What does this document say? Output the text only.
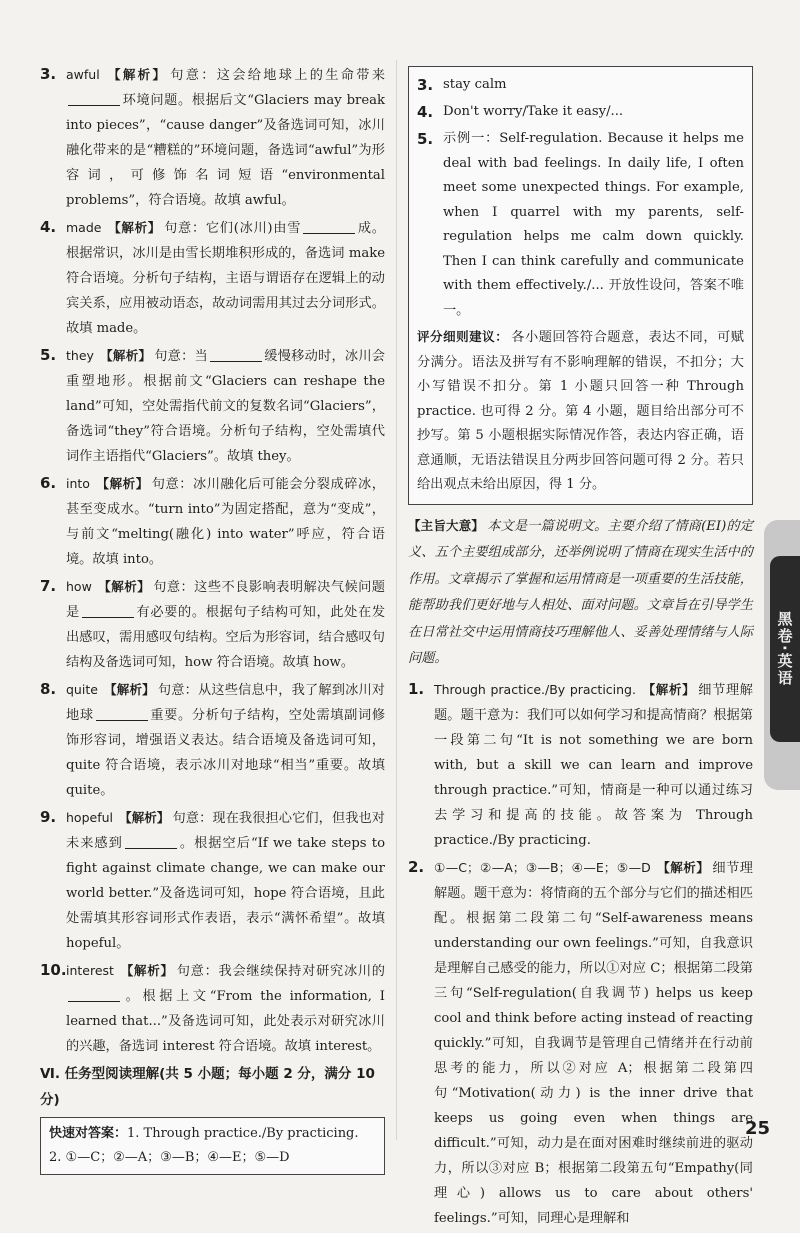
3. awful 【解析】 句意：这会给地球上的生命带来环境问题。根据后文“Glaciers may break into pieces”，“cause danger”及备选词可知，冰川融化带来的是“糟糕的”环境问题，备选词“awful”为形容词，可修饰名词短语“environmental problems”，符合语境。故填 awful。
4. made 【解析】 句意：它们(冰川)由雪	成。根据常识，冰川是由雪长期堆积形成的，备选词 make 符合语境。分析句子结构，主语与谓语存在逻辑上的动宾关系，应用被动语态，故动词需用其过去分词形式。故填 made。
5. they 【解析】 句意：当	缓慢移动时，冰川会重塑地形。根据前文“Glaciers can reshape the land”可知，空处需指代前文的复数名词“Glaciers”，备选词“they”符合语境。分析句子结构，空处需填代词作主语指代“Glaciers”。故填 they。
6. into 【解析】 句意：冰川融化后可能会分裂成碎冰，甚至变成水。“turn into”为固定搭配，意为“变成”，与前文“melting(融化) into water”呼应，符合语境。故填 into。
7. how 【解析】 句意：这些不良影响表明解决气候问题是	有必要的。根据句子结构可知，此处在发出感叹，需用感叹句结构。空后为形容词，结合感叹句结构及备选词可知，how 符合语境。故填 how。
8. quite 【解析】 句意：从这些信息中，我了解到冰川对地球	重要。分析句子结构，空处需填副词修饰形容词，增强语义表达。结合语境及备选词可知，quite 符合语境，表示冰川对地球“相当”重要。故填 quite。
9. hopeful 【解析】 句意：现在我很担心它们，但我也对未来感到	。根据空后“If we take steps to fight against climate change, we can make our world better.”及备选词可知，hope 符合语境，且此处需填其形容词形式作表语，表示“满怀希望”。故填 hopeful。
10. interest 【解析】 句意：我会继续保持对研究冰川的。根据上文“From the information, I learned that...”及备选词可知，此处表示对研究冰川的兴趣，备选词 interest 符合语境。故填 interest。
Ⅵ. 任务型阅读理解(共 5 小题；每小题 2 分，满分 10 分)
快速对答案：1. Through practice./By practicing.
2. ①—C；②—A；③—B；④—E；⑤—D
3. stay calm
4. Don't worry/Take it easy/...
5. 示例一：Self-regulation. Because it helps me deal with bad feelings. In daily life, I often meet some unexpected things. For example, when I quarrel with my parents, self-regulation helps me calm down quickly. Then I can think carefully and communicate with them effectively./... 开放性设问，答案不唯一。
评分细则建议： 各小题回答符合题意，表达不同，可赋分满分。语法及拼写有不影响理解的错误，不扣分；大小写错误不扣分。第 1 小题只回答一种 Through practice. 也可得 2 分。第 4 小题，题目给出部分可不抄写。第 5 小题根据实际情况作答，表达内容正确，语意通顺，无语法错误且分两步回答问题可得 2 分。若只给出观点未给出原因，得 1 分。
【主旨大意】 本文是一篇说明文。主要介绍了情商(EI)的定义、五个主要组成部分，还举例说明了情商在现实生活中的作用。文章揭示了掌握和运用情商是一项重要的生活技能，能帮助我们更好地与人相处、面对问题。文章旨在引导学生在日常社交中运用情商技巧理解他人、妥善处理情绪与人际问题。
1. Through practice./By practicing. 【解析】 细节理解题。题干意为：我们可以如何学习和提高情商？根据第一段第二句“It is not something we are born with, but a skill we can learn and improve through practice.”可知，情商是一种可以通过练习去学习和提高的技能。故答案为 Through practice./By practicing.
2. ①—C；②—A；③—B；④—E；⑤—D 【解析】 细节理解题。题干意为：将情商的五个部分与它们的描述相匹配。根据第二段第二句“Self-awareness means understanding our own feelings.”可知，自我意识是理解自己感受的能力，所以①对应 C；根据第二段第三句“Self-regulation(自我调节) helps us keep cool and think before acting instead of reacting quickly.”可知，自我调节是管理自己情绪并在行动前思考的能力，所以②对应 A；根据第二段第四句“Motivation(动力) is the inner drive that keeps us going even when things are difficult.”可知，动力是在面对困难时继续前进的驱动力，所以③对应 B；根据第二段第五句“Empathy(同理心) allows us to care about others' feelings.”可知，同理心是理解和
黑卷·英语
25
